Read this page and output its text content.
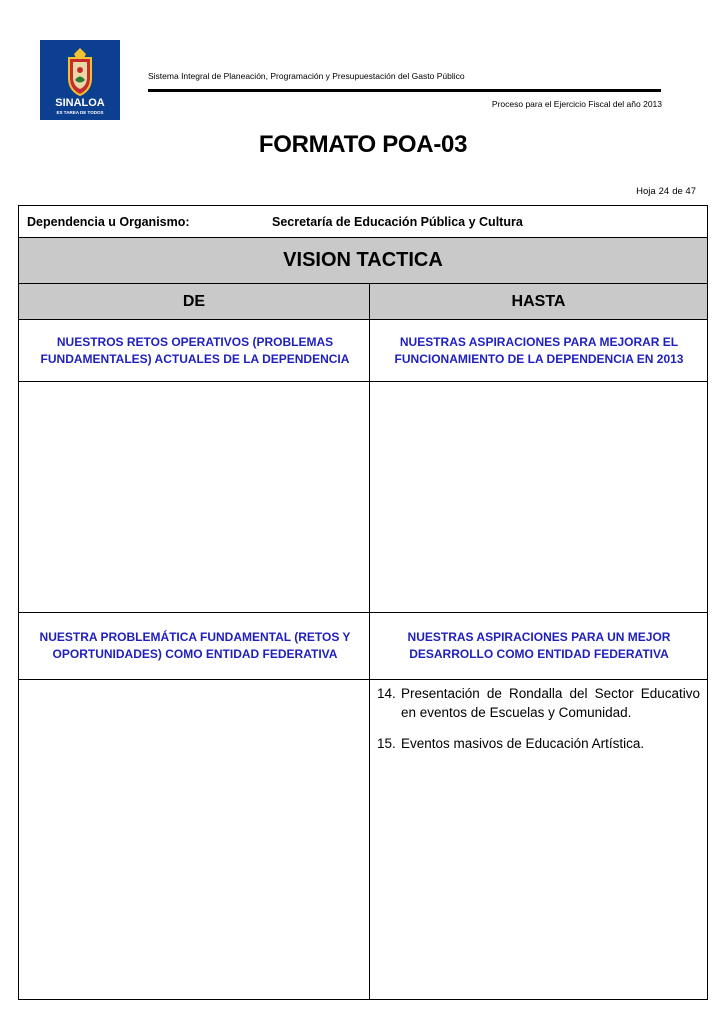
SINALOA
ES TAREA DE TODOS
Sistema Integral de Planeación, Programación y Presupuestación del Gasto Público
Proceso para el Ejercicio Fiscal del año 2013
FORMATO POA-03
Hoja 24 de 47
Dependencia u Organismo:	Secretaría de Educación Pública y Cultura
VISION TACTICA
DE	HASTA
NUESTROS RETOS OPERATIVOS (PROBLEMAS FUNDAMENTALES) ACTUALES DE LA DEPENDENCIA
NUESTRAS ASPIRACIONES PARA MEJORAR EL FUNCIONAMIENTO DE LA DEPENDENCIA EN 2013
NUESTRA PROBLEMÁTICA FUNDAMENTAL (RETOS Y OPORTUNIDADES) COMO ENTIDAD FEDERATIVA
NUESTRAS ASPIRACIONES PARA UN MEJOR DESARROLLO COMO ENTIDAD FEDERATIVA
14. Presentación de Rondalla del Sector Educativo en eventos de Escuelas y Comunidad.
15. Eventos masivos de Educación Artística.
